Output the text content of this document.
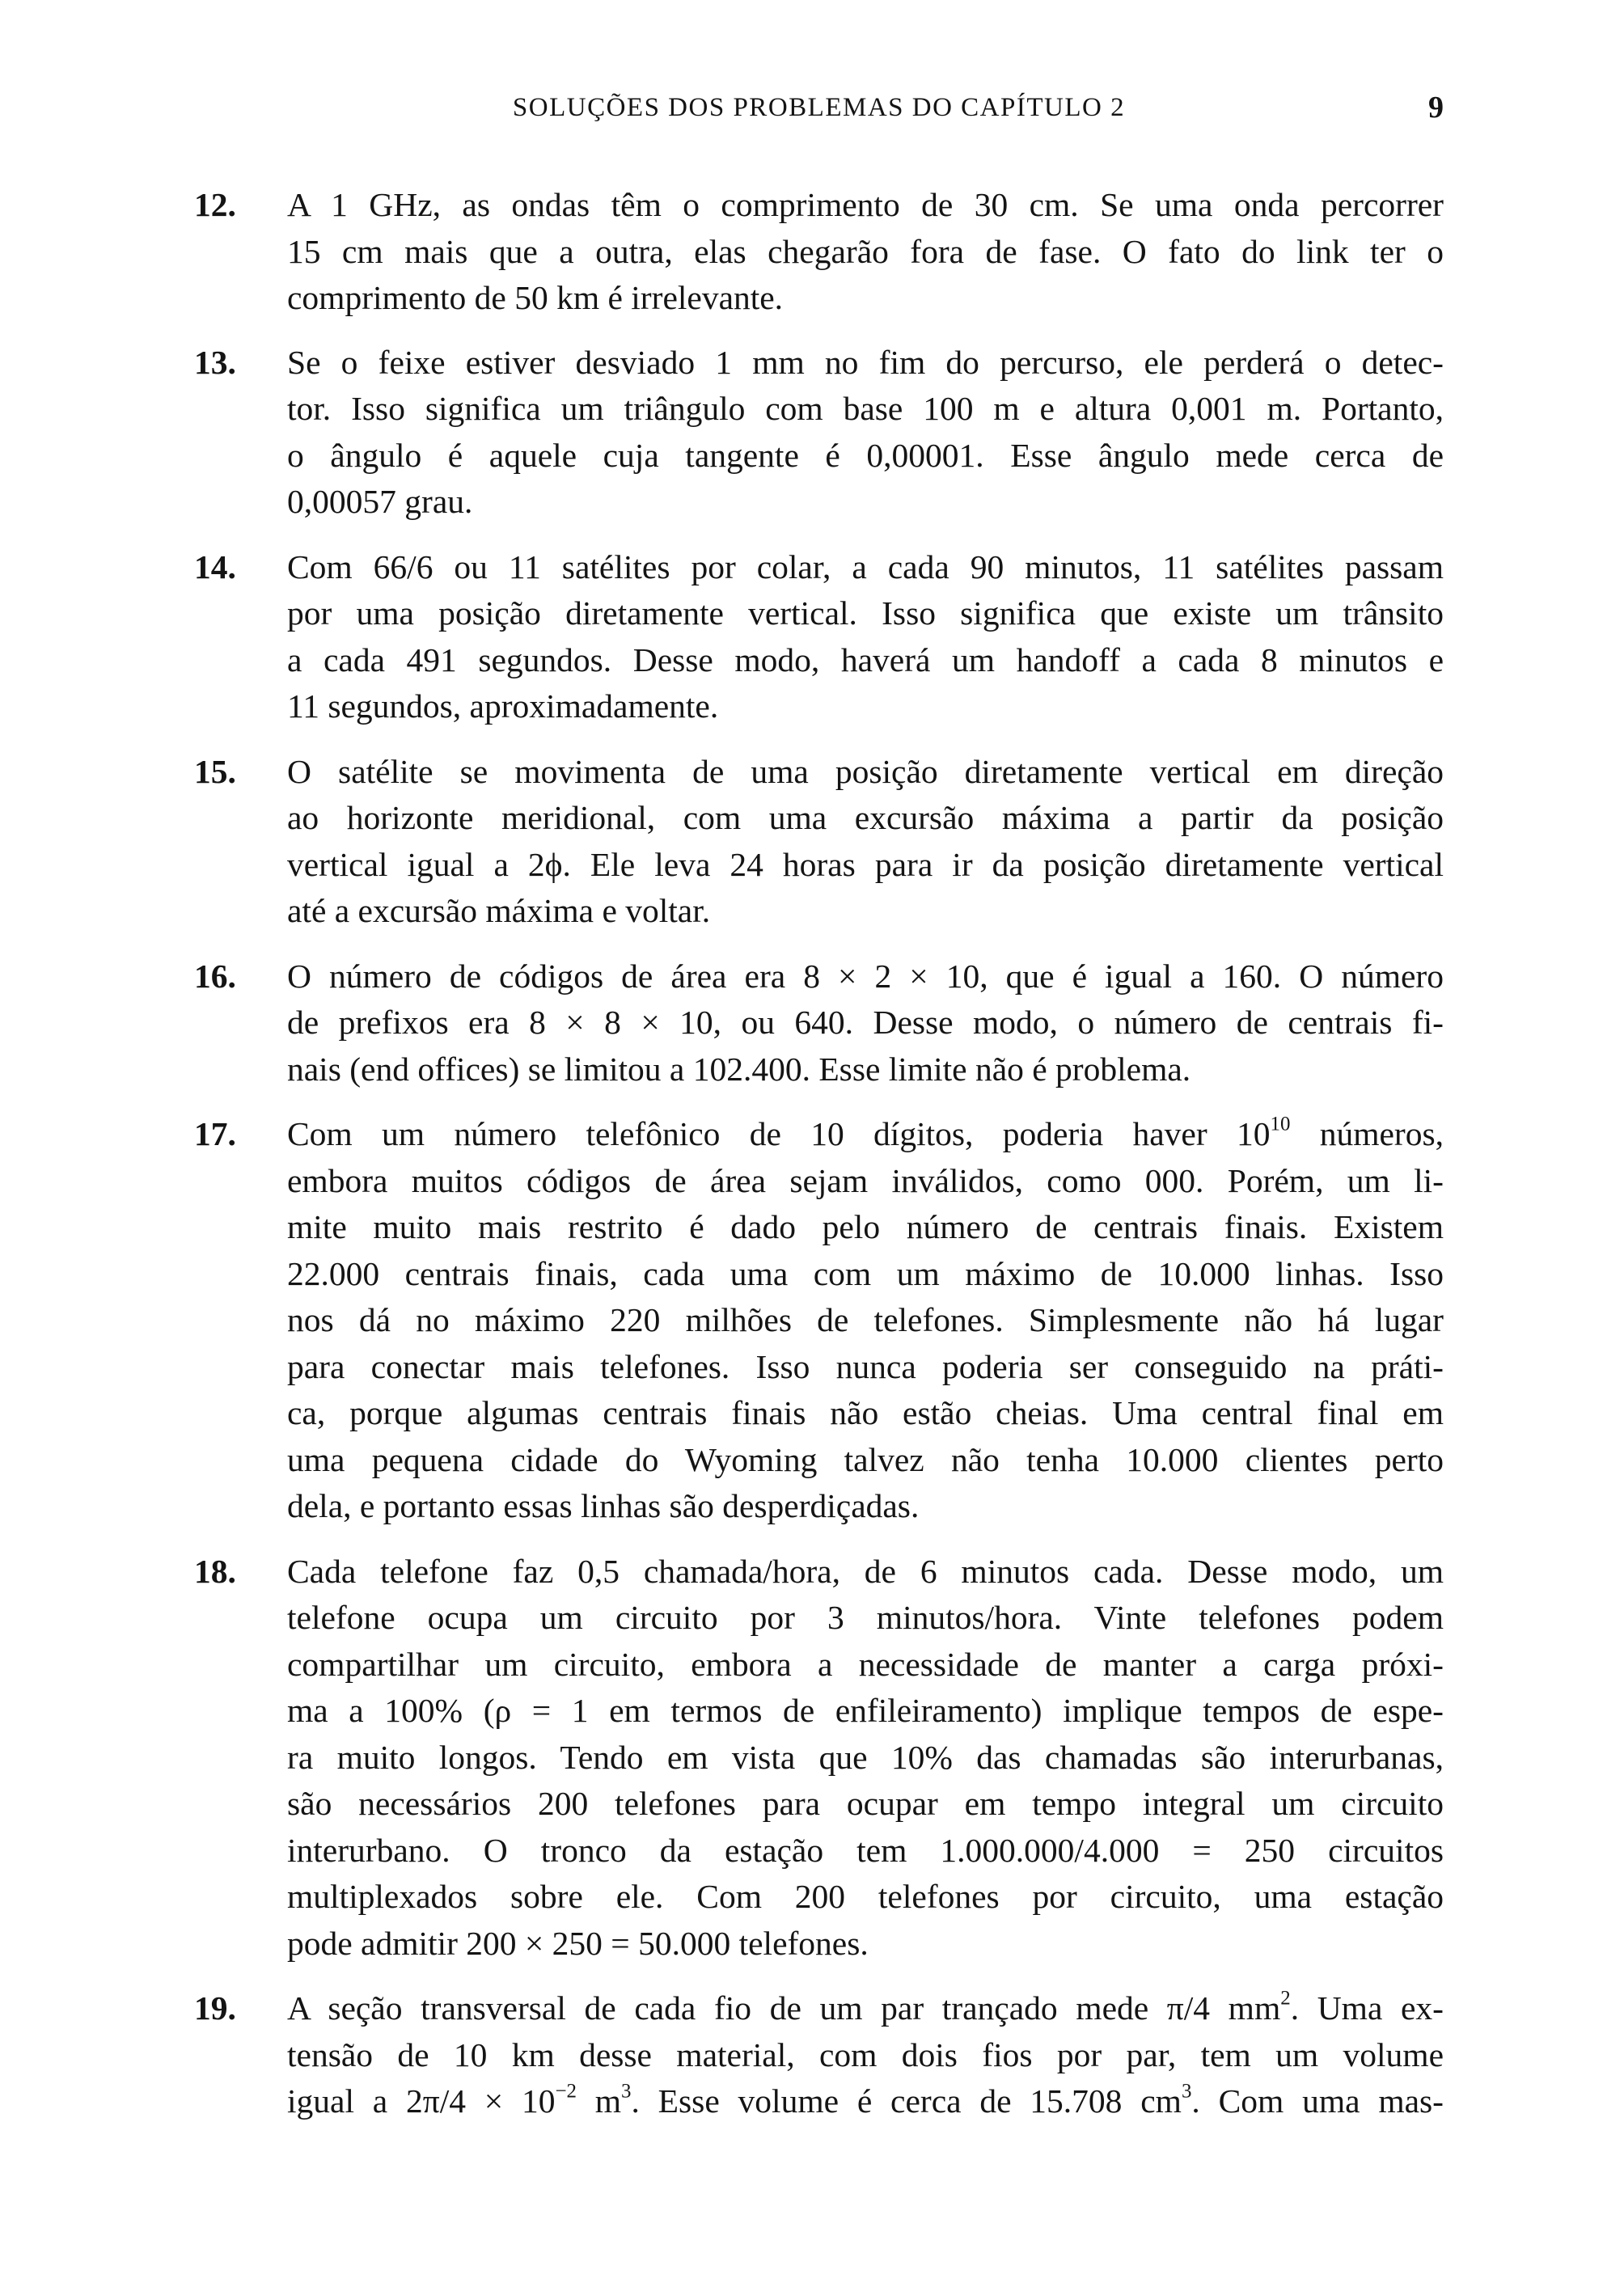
SOLUÇÕES DOS PROBLEMAS DO CAPÍTULO 2	9
12.	A 1 GHz, as ondas têm o comprimento de 30 cm. Se uma onda percorrer
15 cm mais que a outra, elas chegarão fora de fase. O fato do link ter o
comprimento de 50 km é irrelevante.
13.	Se o feixe estiver desviado 1 mm no fim do percurso, ele perderá o detec-
tor. Isso significa um triângulo com base 100 m e altura 0,001 m. Portanto,
o ângulo é aquele cuja tangente é 0,00001. Esse ângulo mede cerca de
0,00057 grau.
14.	Com 66/6 ou 11 satélites por colar, a cada 90 minutos, 11 satélites passam
por uma posição diretamente vertical. Isso significa que existe um trânsito
a cada 491 segundos. Desse modo, haverá um handoff a cada 8 minutos e
11 segundos, aproximadamente.
15.	O satélite se movimenta de uma posição diretamente vertical em direção
ao horizonte meridional, com uma excursão máxima a partir da posição
vertical igual a 2ϕ. Ele leva 24 horas para ir da posição diretamente vertical
até a excursão máxima e voltar.
16.	O número de códigos de área era 8 × 2 × 10, que é igual a 160. O número
de prefixos era 8 × 8 × 10, ou 640. Desse modo, o número de centrais fi-
nais (end offices) se limitou a 102.400. Esse limite não é problema.
17.	Com um número telefônico de 10 dígitos, poderia haver $10^{10}$ números,
embora muitos códigos de área sejam inválidos, como 000. Porém, um li-
mite muito mais restrito é dado pelo número de centrais finais. Existem
22.000 centrais finais, cada uma com um máximo de 10.000 linhas. Isso
nos dá no máximo 220 milhões de telefones. Simplesmente não há lugar
para conectar mais telefones. Isso nunca poderia ser conseguido na práti-
ca, porque algumas centrais finais não estão cheias. Uma central final em
uma pequena cidade do Wyoming talvez não tenha 10.000 clientes perto
dela, e portanto essas linhas são desperdiçadas.
18.	Cada telefone faz 0,5 chamada/hora, de 6 minutos cada. Desse modo, um
telefone ocupa um circuito por 3 minutos/hora. Vinte telefones podem
compartilhar um circuito, embora a necessidade de manter a carga próxi-
ma a 100% (ρ = 1 em termos de enfileiramento) implique tempos de espe-
ra muito longos. Tendo em vista que 10% das chamadas são interurbanas,
são necessários 200 telefones para ocupar em tempo integral um circuito
interurbano. O tronco da estação tem 1.000.000/4.000 = 250 circuitos
multiplexados sobre ele. Com 200 telefones por circuito, uma estação
pode admitir 200 × 250 = 50.000 telefones.
19.	A seção transversal de cada fio de um par trançado mede π/4 $mm^2$. Uma ex-
tensão de 10 km desse material, com dois fios por par, tem um volume
igual a $2\pi/4 \times 10^{-2}$ $m^3$. Esse volume é cerca de 15.708 $cm^3$. Com uma mas-
